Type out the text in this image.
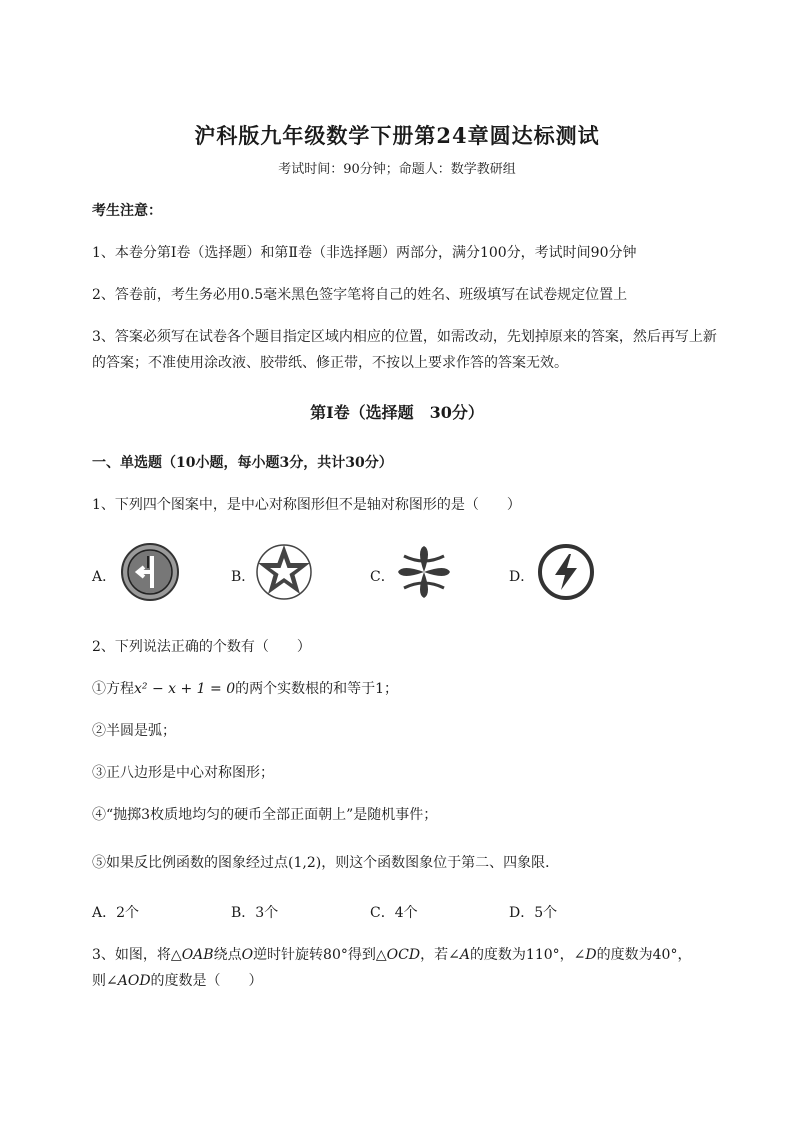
沪科版九年级数学下册第24章圆达标测试
考试时间：90分钟；命题人：数学教研组
考生注意：
1、本卷分第I卷（选择题）和第Ⅱ卷（非选择题）两部分，满分100分，考试时间90分钟
2、答卷前，考生务必用0.5毫米黑色签字笔将自己的姓名、班级填写在试卷规定位置上
3、答案必须写在试卷各个题目指定区域内相应的位置，如需改动，先划掉原来的答案，然后再写上新
的答案；不准使用涂改液、胶带纸、修正带，不按以上要求作答的答案无效。
第I卷（选择题　30分）
一、单选题（10小题，每小题3分，共计30分）
1、下列四个图案中，是中心对称图形但不是轴对称图形的是（　　）
A．	B．	C．	D．
2、下列说法正确的个数有（　　）
①方程x² − x + 1 = 0的两个实数根的和等于1；
②半圆是弧；
③正八边形是中心对称图形；
④“抛掷3枚质地均匀的硬币全部正面朝上”是随机事件；
⑤如果反比例函数的图象经过点(1,2)，则这个函数图象位于第二、四象限．
A．2个	B．3个	C．4个	D．5个
3、如图，将△OAB绕点O逆时针旋转80°得到△OCD，若∠A的度数为110°，∠D的度数为40°，
则∠AOD的度数是（　　）
